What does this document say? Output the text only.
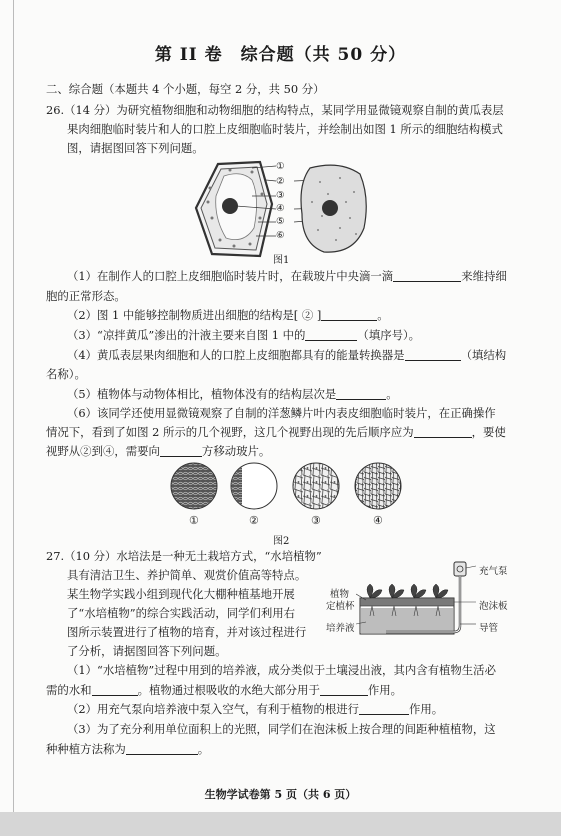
第 II 卷　综合题（共 50 分）
二、综合题（本题共 4 个小题，每空 2 分，共 50 分）
26.（14 分）为研究植物细胞和动物细胞的结构特点，某同学用显微镜观察自制的黄瓜表层
果肉细胞临时装片和人的口腔上皮细胞临时装片，并绘制出如图 1 所示的细胞结构模式
图，请据图回答下列问题。
①
②
③
④
⑤
⑥
图1
（1）在制作人的口腔上皮细胞临时装片时，在载玻片中央滴一滴	来维持细
胞的正常形态。
（2）图 1 中能够控制物质进出细胞的结构是[ ② ]	。
（3）“凉拌黄瓜”渗出的汁液主要来自图 1 中的	（填序号）。
（4）黄瓜表层果肉细胞和人的口腔上皮细胞都具有的能量转换器是	（填结构
名称）。
（5）植物体与动物体相比，植物体没有的结构层次是	。
（6）该同学还使用显微镜观察了自制的洋葱鳞片叶内表皮细胞临时装片，在正确操作
情况下，看到了如图 2 所示的几个视野，这几个视野出现的先后顺序应为	，要使
视野从②到④，需要向	方移动玻片。
①	②	③	④
图2
27.（10 分）水培法是一种无土栽培方式，“水培植物”
具有清洁卫生、养护简单、观赏价值高等特点。
某生物学实践小组到现代化大棚种植基地开展
了“水培植物”的综合实践活动，同学们利用右
图所示装置进行了植物的培育，并对该过程进行
了分析，请据图回答下列问题。
充气泵
植物
定植杯	泡沫板
培养液	导管
（1）“水培植物”过程中用到的培养液，成分类似于土壤浸出液，其内含有植物生活必
需的水和	。植物通过根吸收的水绝大部分用于	作用。
（2）用充气泵向培养液中泵入空气，有利于植物的根进行	作用。
（3）为了充分利用单位面积上的光照，同学们在泡沫板上按合理的间距种植植物，这
种种植方法称为	。
生物学试卷第 5 页（共 6 页）
